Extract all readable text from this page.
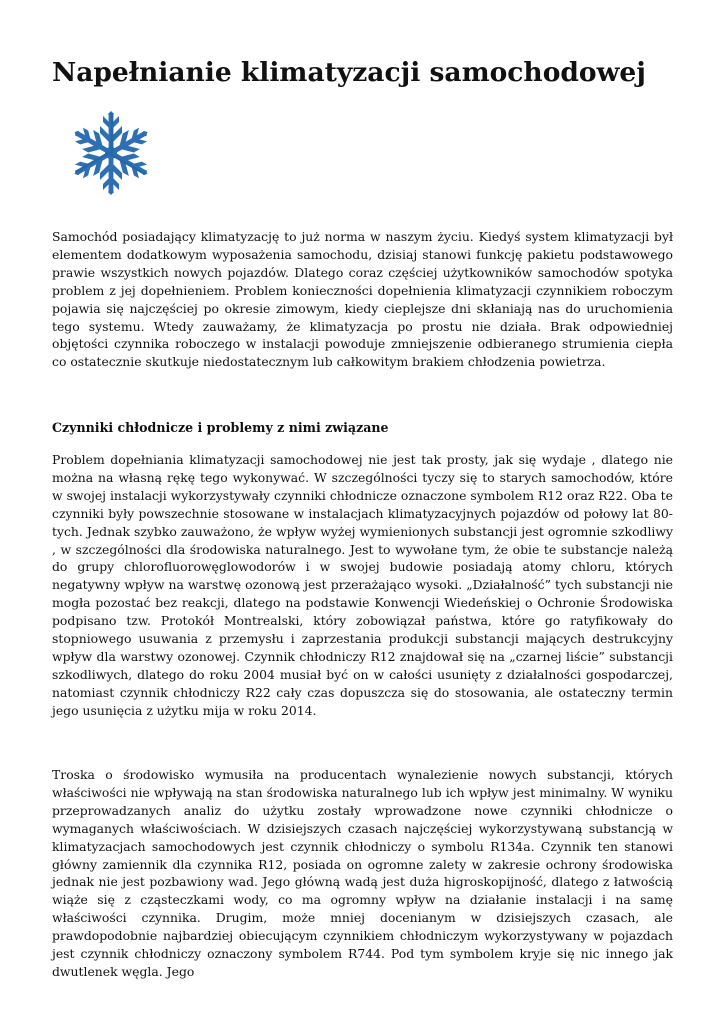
Napełnianie klimatyzacji samochodowej

Samochód posiadający klimatyzację to już norma w naszym życiu. Kiedyś system klimatyzacji był elementem dodatkowym wyposażenia samochodu, dzisiaj stanowi funkcję pakietu podstawowego prawie wszystkich nowych pojazdów. Dlatego coraz częściej użytkowników samochodów spotyka problem z jej dopełnieniem. Problem konieczności dopełnienia klimatyzacji czynnikiem roboczym pojawia się najczęściej po okresie zimowym, kiedy cieplejsze dni skłaniają nas do uruchomienia tego systemu. Wtedy zauważamy, że klimatyzacja po prostu nie działa. Brak odpowiedniej objętości czynnika roboczego w instalacji powoduje zmniejszenie odbieranego strumienia ciepła co ostatecznie skutkuje niedostatecznym lub całkowitym brakiem chłodzenia powietrza.

Czynniki chłodnicze i problemy z nimi związane

Problem dopełniania klimatyzacji samochodowej nie jest tak prosty, jak się wydaje , dlatego nie można na własną rękę tego wykonywać. W szczególności tyczy się to starych samochodów, które w swojej instalacji wykorzystywały czynniki chłodnicze oznaczone symbolem R12 oraz R22. Oba te czynniki były powszechnie stosowane w instalacjach klimatyzacyjnych pojazdów od połowy lat 80-tych. Jednak szybko zauważono, że wpływ wyżej wymienionych substancji jest ogromnie szkodliwy , w szczególności dla środowiska naturalnego. Jest to wywołane tym, że obie te substancje należą do grupy chlorofluorowęglowodorów i w swojej budowie posiadają atomy chloru, których negatywny wpływ na warstwę ozonową jest przerażająco wysoki. „Działalność” tych substancji nie mogła pozostać bez reakcji, dlatego na podstawie Konwencji Wiedeńskiej o Ochronie Środowiska podpisano tzw. Protokół Montrealski, który zobowiązał państwa, które go ratyfikowały do stopniowego usuwania z przemysłu i zaprzestania produkcji substancji mających destrukcyjny wpływ dla warstwy ozonowej. Czynnik chłodniczy R12 znajdował się na „czarnej liście” substancji szkodliwych, dlatego do roku 2004 musiał być on w całości usunięty z działalności gospodarczej, natomiast czynnik chłodniczy R22 cały czas dopuszcza się do stosowania, ale ostateczny termin jego usunięcia z użytku mija w roku 2014.

Troska o środowisko wymusiła na producentach wynalezienie nowych substancji, których właściwości nie wpływają na stan środowiska naturalnego lub ich wpływ jest minimalny. W wyniku przeprowadzanych analiz do użytku zostały wprowadzone nowe czynniki chłodnicze o wymaganych właściwościach. W dzisiejszych czasach najczęściej wykorzystywaną substancją w klimatyzacjach samochodowych jest czynnik chłodniczy o symbolu R134a. Czynnik ten stanowi główny zamiennik dla czynnika R12, posiada on ogromne zalety w zakresie ochrony środowiska jednak nie jest pozbawiony wad. Jego główną wadą jest duża higroskopijność, dlatego z łatwością wiąże się z cząsteczkami wody, co ma ogromny wpływ na działanie instalacji i na samę właściwości czynnika. Drugim, może mniej docenianym w dzisiejszych czasach, ale prawdopodobnie najbardziej obiecującym czynnikiem chłodniczym wykorzystywany w pojazdach jest czynnik chłodniczy oznaczony symbolem R744. Pod tym symbolem kryje się nic innego jak dwutlenek węgla. Jego
